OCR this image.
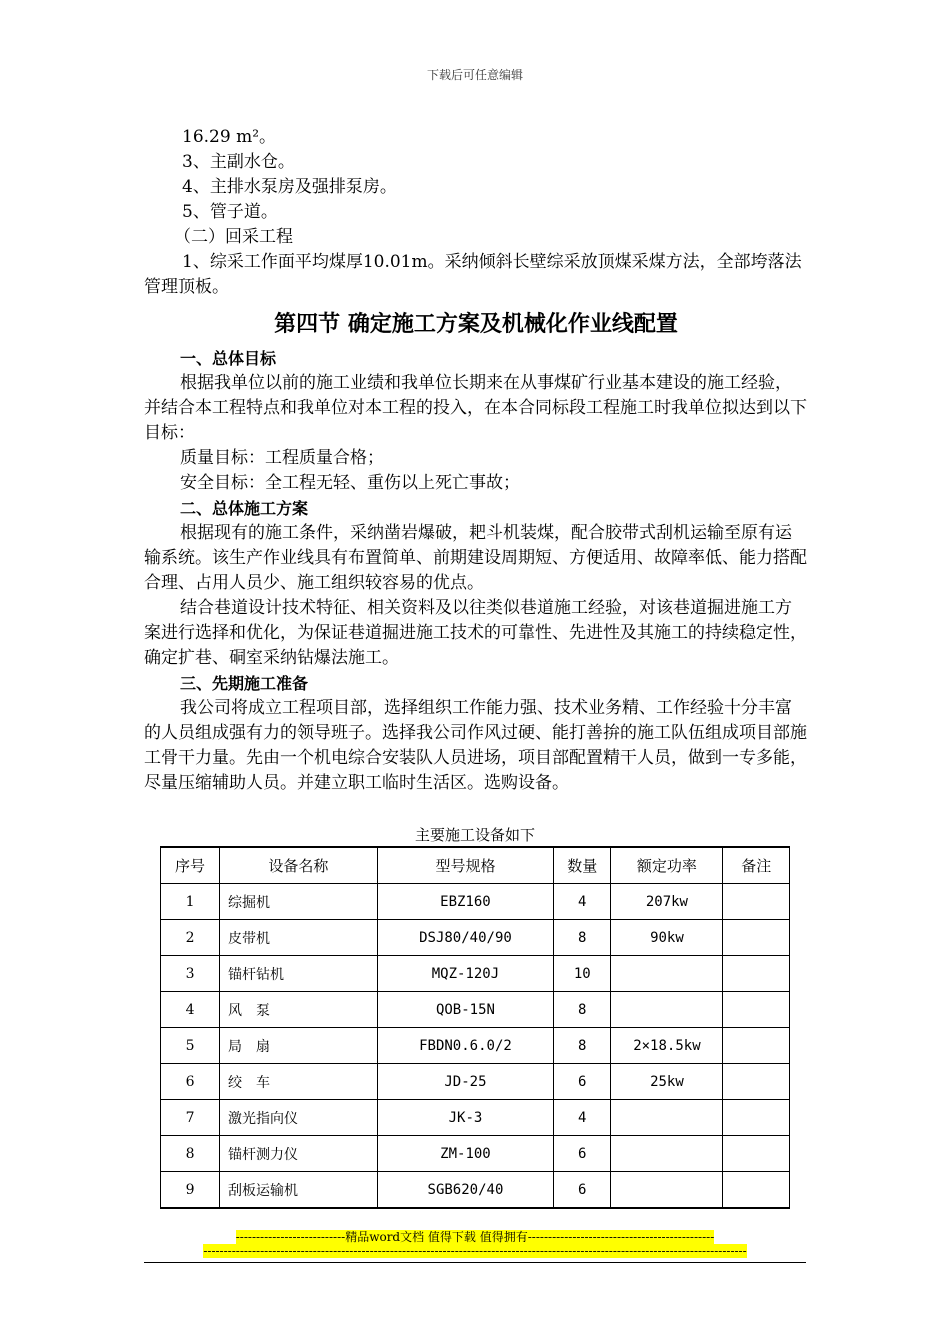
下载后可任意编辑

16.29 m²。

3、主副水仓。

4、主排水泵房及强排泵房。

5、管子道。

（二）回采工程

1、综采工作面平均煤厚10.01m。采纳倾斜长壁综采放顶煤采煤方法，全部垮落法管理顶板。

第四节 确定施工方案及机械化作业线配置

一、总体目标

根据我单位以前的施工业绩和我单位长期来在从事煤矿行业基本建设的施工经验，并结合本工程特点和我单位对本工程的投入，在本合同标段工程施工时我单位拟达到以下目标：

质量目标：工程质量合格；

安全目标：全工程无轻、重伤以上死亡事故；

二、总体施工方案

根据现有的施工条件，采纳凿岩爆破，耙斗机装煤，配合胶带式刮机运输至原有运输系统。该生产作业线具有布置简单、前期建设周期短、方便适用、故障率低、能力搭配合理、占用人员少、施工组织较容易的优点。

结合巷道设计技术特征、相关资料及以往类似巷道施工经验，对该巷道掘进施工方案进行选择和优化，为保证巷道掘进施工技术的可靠性、先进性及其施工的持续稳定性，确定扩巷、硐室采纳钻爆法施工。

三、先期施工准备

我公司将成立工程项目部，选择组织工作能力强、技术业务精、工作经验十分丰富的人员组成强有力的领导班子。选择我公司作风过硬、能打善拚的施工队伍组成项目部施工骨干力量。先由一个机电综合安装队人员进场，项目部配置精干人员，做到一专多能，尽量压缩辅助人员。并建立职工临时生活区。选购设备。

主要施工设备如下
序号	设备名称	型号规格	数量	额定功率	备注
1	综掘机	EBZ160	4	207kw	
2	皮带机	DSJ80/40/90	8	90kw	
3	锚杆钻机	MQZ-120J	10		
4	风　泵	QOB-15N	8		
5	局　扇	FBDN0.6.0/2	8	2×18.5kw	
6	绞　车	JD-25	6	25kw	
7	激光指向仪	JK-3	4		
8	锚杆测力仪	ZM-100	6		
9	刮板运输机	SGB620/40	6		
---------------------------精品word文档 值得下载 值得拥有----------------------------------------------
--------------------------------------------------------------------------------------------------------------------------------------
